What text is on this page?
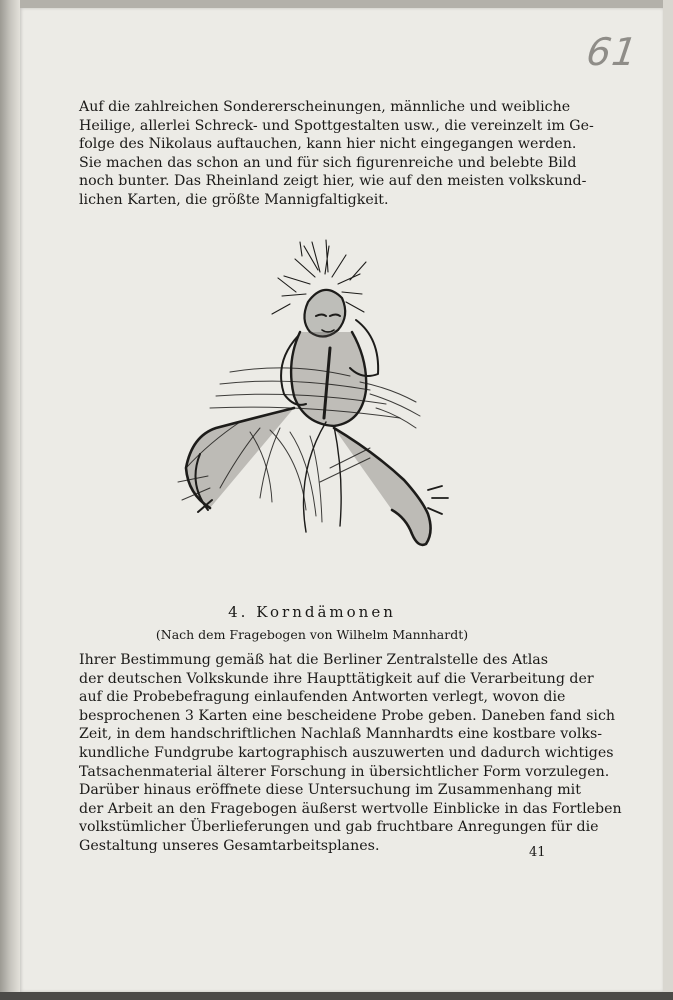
61
Auf die zahlreichen Sondererscheinungen, männliche und weibliche
Heilige, allerlei Schreck- und Spottgestalten usw., die vereinzelt im Ge-
folge des Nikolaus auftauchen, kann hier nicht eingegangen werden.
Sie machen das schon an und für sich figurenreiche und belebte Bild
noch bunter. Das Rheinland zeigt hier, wie auf den meisten volkskund-
lichen Karten, die größte Mannigfaltigkeit.
4. Korndämonen
(Nach dem Fragebogen von Wilhelm Mannhardt)
Ihrer Bestimmung gemäß hat die Berliner Zentralstelle des Atlas
der deutschen Volkskunde ihre Haupttätigkeit auf die Verarbeitung der
auf die Probebefragung einlaufenden Antworten verlegt, wovon die
besprochenen 3 Karten eine bescheidene Probe geben. Daneben fand sich
Zeit, in dem handschriftlichen Nachlaß Mannhardts eine kostbare volks-
kundliche Fundgrube kartographisch auszuwerten und dadurch wichtiges
Tatsachenmaterial älterer Forschung in übersichtlicher Form vorzulegen.
Darüber hinaus eröffnete diese Untersuchung im Zusammenhang mit
der Arbeit an den Fragebogen äußerst wertvolle Einblicke in das Fortleben
volkstümlicher Überlieferungen und gab fruchtbare Anregungen für die
Gestaltung unseres Gesamtarbeitsplanes.	41
